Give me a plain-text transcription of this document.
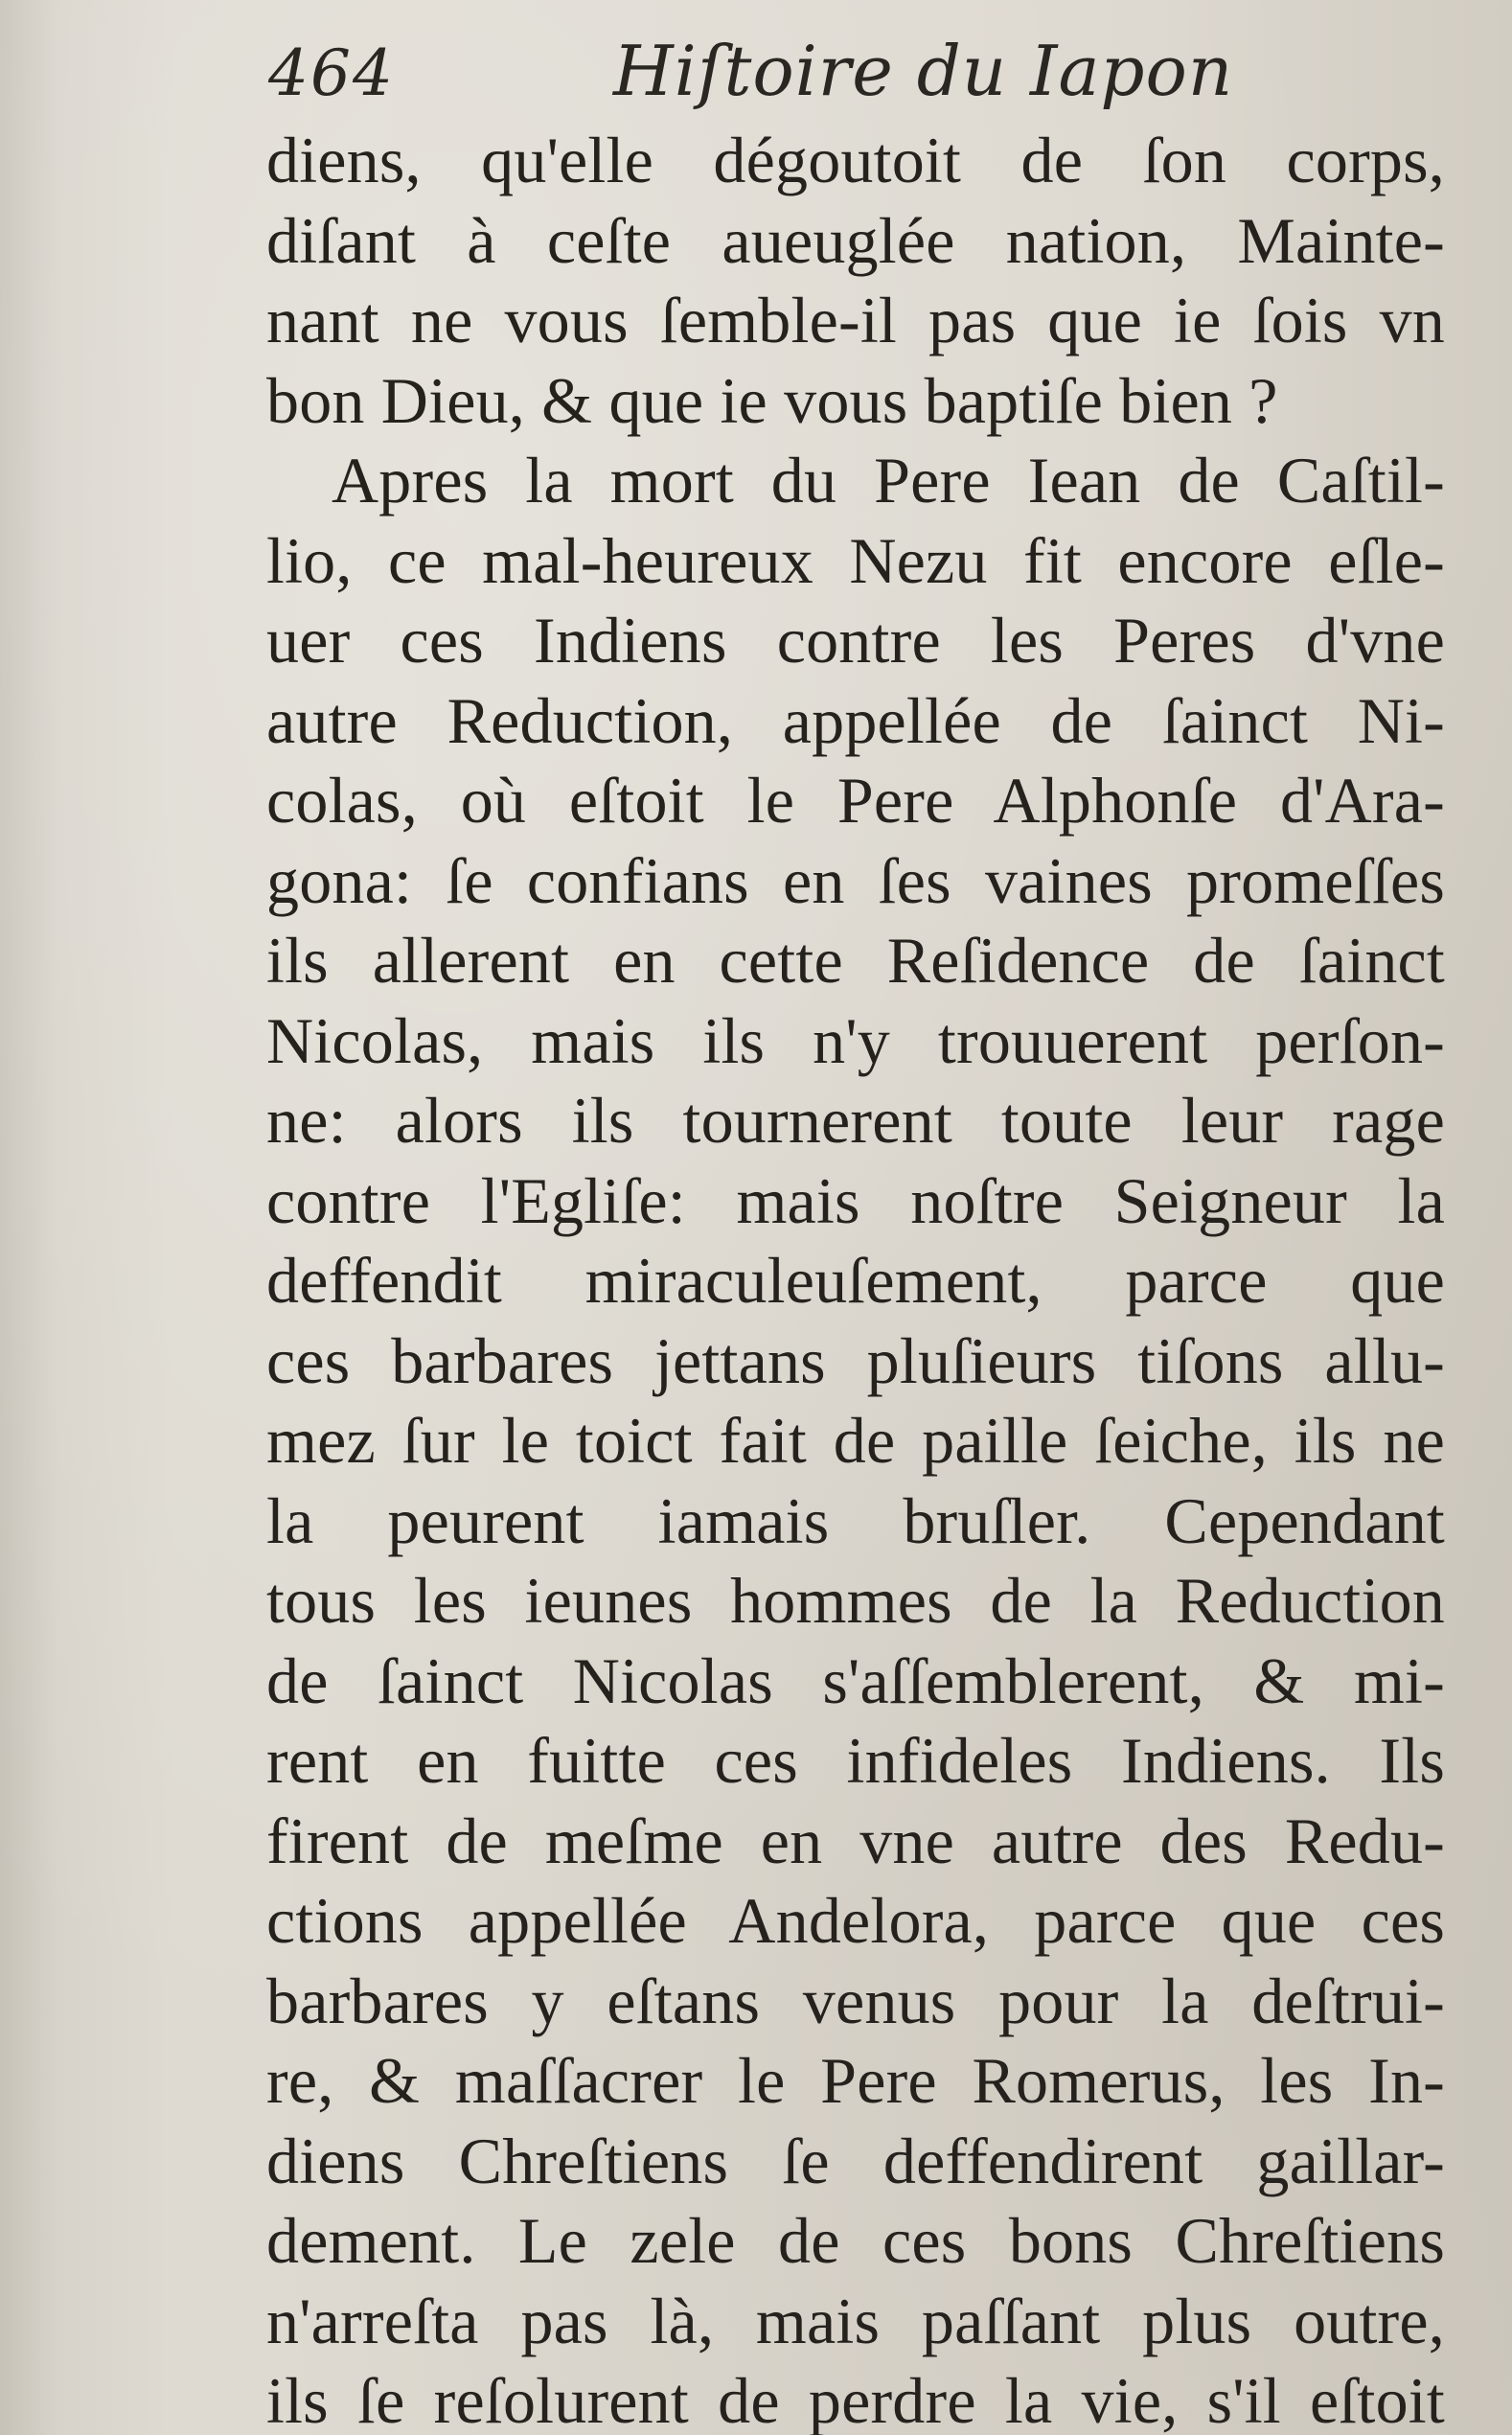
464	Hiſtoire du Iapon
diens, qu'elle dégoutoit de ſon corps,
diſant à ceſte aueuglée nation, Mainte-
nant ne vous ſemble-il pas que ie ſois vn
bon Dieu, & que ie vous baptiſe bien ?
Apres la mort du Pere Iean de Caſtil-
lio, ce mal-heureux Nezu fit encore eſle-
uer ces Indiens contre les Peres d'vne
autre Reduction, appellée de ſainct Ni-
colas, où eſtoit le Pere Alphonſe d'Ara-
gona: ſe confians en ſes vaines promeſſes
ils allerent en cette Reſidence de ſainct
Nicolas, mais ils n'y trouuerent perſon-
ne: alors ils tournerent toute leur rage
contre l'Egliſe: mais noſtre Seigneur la
deffendit miraculeuſement, parce que
ces barbares jettans pluſieurs tiſons allu-
mez ſur le toict fait de paille ſeiche, ils ne
la peurent iamais bruſler. Cependant
tous les ieunes hommes de la Reduction
de ſainct Nicolas s'aſſemblerent, & mi-
rent en fuitte ces infideles Indiens. Ils
firent de meſme en vne autre des Redu-
ctions appellée Andelora, parce que ces
barbares y eſtans venus pour la deſtrui-
re, & maſſacrer le Pere Romerus, les In-
diens Chreſtiens ſe deffendirent gaillar-
dement. Le zele de ces bons Chreſtiens
n'arreſta pas là, mais paſſant plus outre,
ils ſe reſolurent de perdre la vie, s'il eſtoit
